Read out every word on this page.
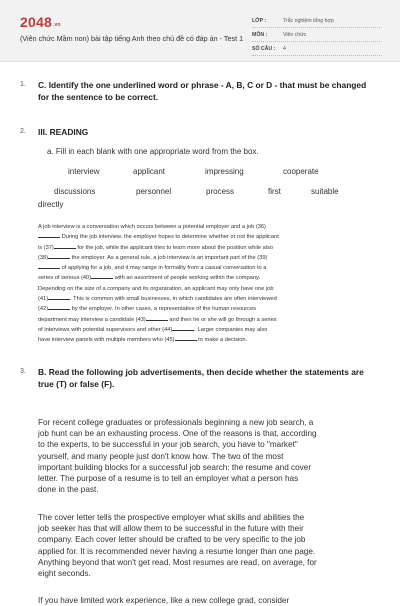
$2048^{.vn}$
(Viên chức Mầm non) bài tập tiếng Anh theo chủ đề có đáp án - Test 1
LỚP :	Trắc nghiệm tổng hợp
MÔN :	Viên chức
SỐ CÂU :	4
1. C. Identify the one underlined word or phrase - A, B, C or D - that must be changed for the sentence to be correct.
2. III. READING
a. Fill in each blank with one appropriate word from the box.
interview	applicant	impressing	cooperate
discussions	personnel	process	first	suitable
directly
A job interview is a conversation which occurs between a potential employer and a job (36)
During the job interview, the employer hopes to determine whether or not the applicant
is (37)	for the job, while the applicant tries to learn more about the position while also
(38)	the employer. As a general rule, a job interview is an important part of the (39)
of applying for a job, and it may range in formality from a casual conversation to a
series of serious (40)	with an assortment of people working within the company.
Depending on the size of a company and its organization, an applicant may only have one job
(41)	. This is common with small businesses, in which candidates are often interviewed
(42)	by the employer. In other cases, a representative of the human resources
department may interview a candidate (43)	and then he or she will go through a series
of interviews with potential supervisors and other (44)	. Larger companies may also
have interview panels with multiple members who (45)	to make a decision.
3. B. Read the following job advertisements, then decide whether the statements are true (T) or false (F).
For recent college graduates or professionals beginning a new job search, a
job hunt can be an exhausting process. One of the reasons is that, according
to the experts, to be successful in your job search, you have to "market"
yourself, and many people just don't know how. The two of the most
important building blocks for a successful job search: the resume and cover
letter. The purpose of a resume is to tell an employer what a person has
done in the past.
The cover letter tells the prospective employer what skills and abilities the
job seeker has that will allow them to be successful in the future with their
company. Each cover letter should be crafted to be very specific to the job
applied for. It is recommended never having a resume longer than one page.
Anything beyond that won't get read. Most resumes are read, on average, for
eight seconds.
If you have limited work experience, like a new college grad, consider
